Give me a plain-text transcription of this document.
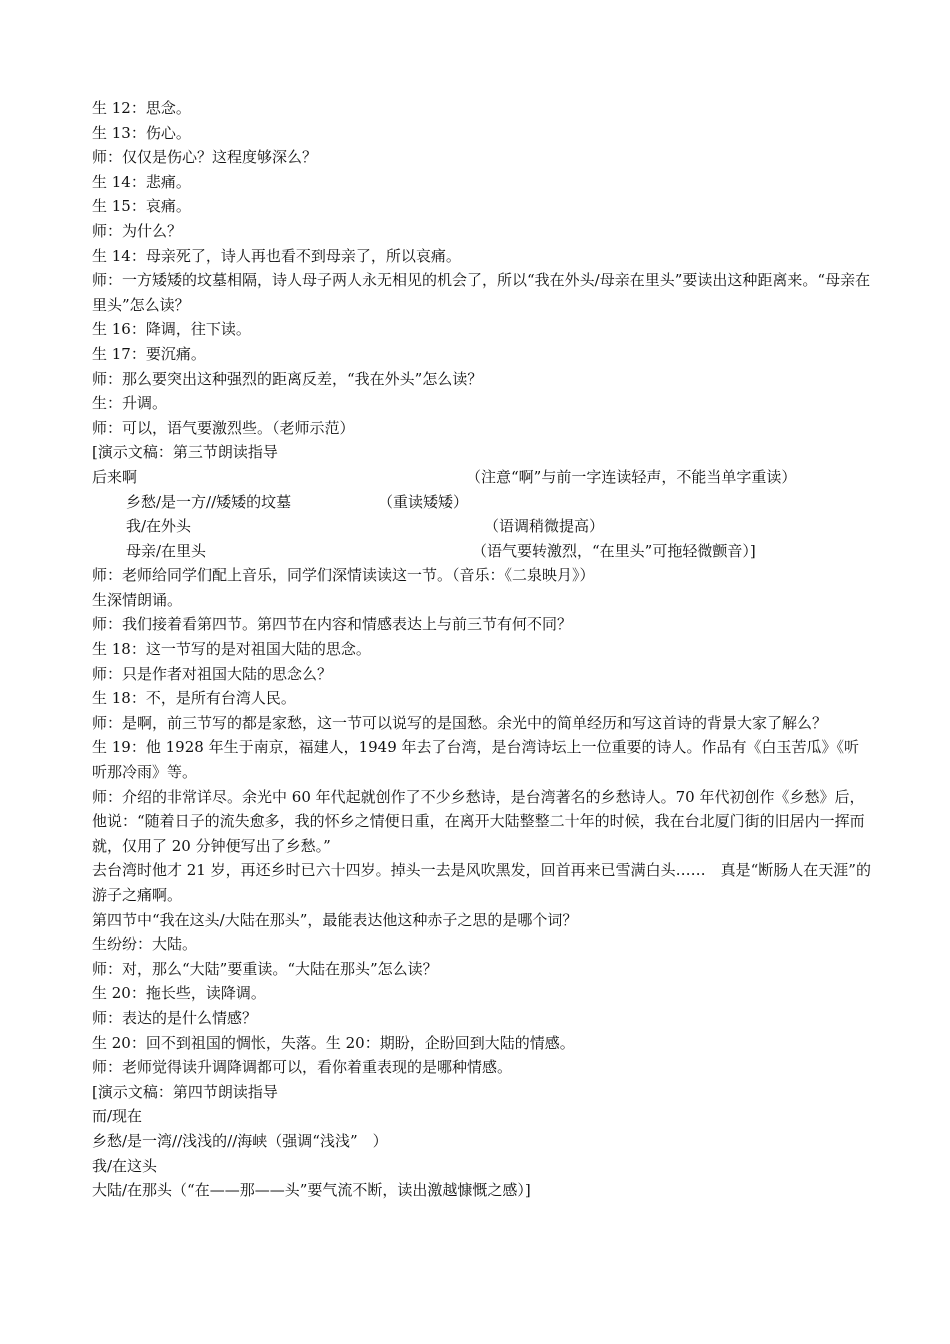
生 12：思念。
生 13：伤心。
师：仅仅是伤心？这程度够深么？
生 14：悲痛。
生 15：哀痛。
师：为什么？
生 14：母亲死了，诗人再也看不到母亲了，所以哀痛。
师：一方矮矮的坟墓相隔，诗人母子两人永无相见的机会了，所以“我在外头/母亲在里头”要读出这种距离来。“母亲在里头”怎么读？
生 16：降调，往下读。
生 17：要沉痛。
师：那么要突出这种强烈的距离反差，“我在外头”怎么读？
生：升调。
师：可以，语气要激烈些。（老师示范）
[演示文稿：第三节朗读指导
后来啊	（注意“啊”与前一字连读轻声，不能当单字重读）
乡愁/是一方//矮矮的坟墓	（重读矮矮）
我/在外头	（语调稍微提高）
母亲/在里头	（语气要转激烈，“在里头”可拖轻微颤音）]
师：老师给同学们配上音乐，同学们深情读读这一节。（音乐：《二泉映月》）
生深情朗诵。
师：我们接着看第四节。第四节在内容和情感表达上与前三节有何不同？
生 18：这一节写的是对祖国大陆的思念。
师：只是作者对祖国大陆的思念么？
生 18：不，是所有台湾人民。
师：是啊，前三节写的都是家愁，这一节可以说写的是国愁。余光中的简单经历和写这首诗的背景大家了解么？
生 19：他 1928 年生于南京，福建人，1949 年去了台湾，是台湾诗坛上一位重要的诗人。作品有《白玉苦瓜》《听听那冷雨》等。
师：介绍的非常详尽。余光中 60 年代起就创作了不少乡愁诗，是台湾著名的乡愁诗人。70 年代初创作《乡愁》后，他说：“随着日子的流失愈多，我的怀乡之情便日重，在离开大陆整整二十年的时候，我在台北厦门街的旧居内一挥而就，仅用了 20 分钟便写出了乡愁。”
去台湾时他才 21 岁，再还乡时已六十四岁。掉头一去是风吹黑发，回首再来已雪满白头……　真是“断肠人在天涯”的游子之痛啊。
第四节中“我在这头/大陆在那头”，最能表达他这种赤子之思的是哪个词？
生纷纷：大陆。
师：对，那么“大陆”要重读。“大陆在那头”怎么读？
生 20：拖长些，读降调。
师：表达的是什么情感？
生 20：回不到祖国的惆怅，失落。生 20：期盼，企盼回到大陆的情感。
师：老师觉得读升调降调都可以，看你着重表现的是哪种情感。
[演示文稿：第四节朗读指导
而/现在
乡愁/是一湾//浅浅的//海峡（强调“浅浅”　）
我/在这头
大陆/在那头（“在——那——头”要气流不断，读出激越慷慨之感）]
